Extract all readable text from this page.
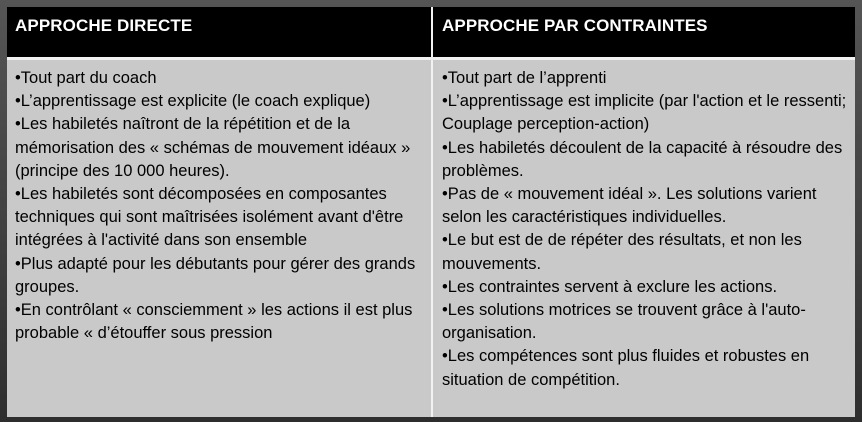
APPROCHE DIRECTE	APPROCHE PAR CONTRAINTES

•Tout part du coach

•L’apprentissage est explicite (le coach explique)

•Les habiletés naîtront de la répétition et de la mémorisation des « schémas de mouvement idéaux » (principe des 10 000 heures).

•Les habiletés sont décomposées en composantes techniques qui sont maîtrisées isolément avant d'être intégrées à l'activité dans son ensemble

•Plus adapté pour les débutants pour gérer des grands groupes.

•En contrôlant « consciemment » les actions il est plus probable « d’étouffer sous pression

•Tout part de l’apprenti

•L’apprentissage est implicite (par l'action et le ressenti; Couplage perception-action)

•Les habiletés découlent de la capacité à résoudre des problèmes.

•Pas de « mouvement idéal ». Les solutions varient selon les caractéristiques individuelles.

•Le but est de de répéter des résultats, et non les mouvements.

•Les contraintes servent à exclure les actions.

•Les solutions motrices se trouvent grâce à l'auto-organisation.

•Les compétences sont plus fluides et robustes en situation de compétition.
